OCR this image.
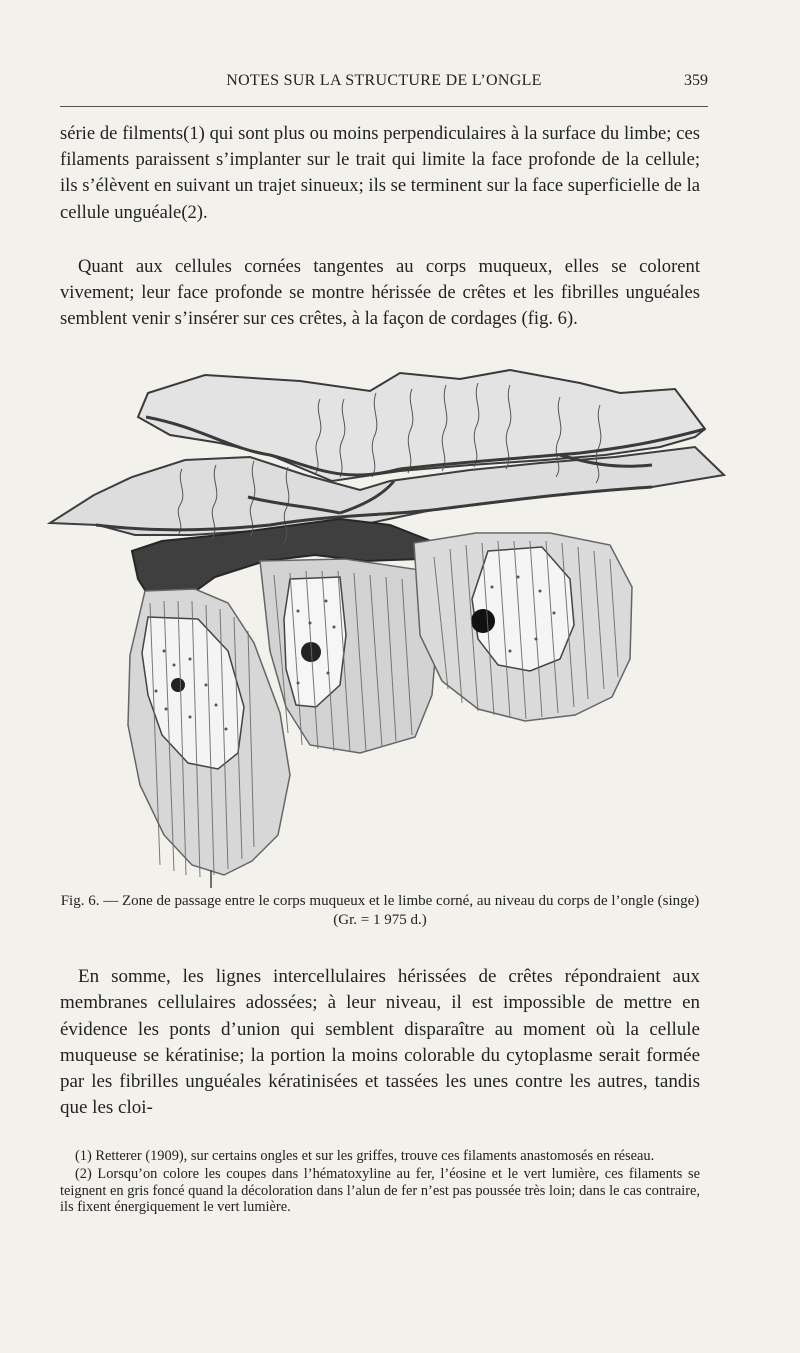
NOTES SUR LA STRUCTURE DE L’ONGLE	359

série de filments(1) qui sont plus ou moins perpendiculaires à la surface du limbe; ces filaments paraissent s’implanter sur le trait qui limite la face profonde de la cellule; ils s’élèvent en suivant un trajet sinueux; ils se terminent sur la face superficielle de la cellule unguéale(2).

Quant aux cellules cornées tangentes au corps muqueux, elles se colorent vivement; leur face profonde se montre hérissée de crêtes et les fibrilles unguéales semblent venir s’insérer sur ces crêtes, à la façon de cordages (fig. 6).

Fig. 6. — Zone de passage entre le corps muqueux et le limbe corné, au niveau du corps de l’ongle (singe) (Gr. = 1 975 d.)

En somme, les lignes intercellulaires hérissées de crêtes répondraient aux membranes cellulaires adossées; à leur niveau, il est impossible de mettre en évidence les ponts d’union qui semblent disparaître au moment où la cellule muqueuse se kératinise; la portion la moins colorable du cytoplasme serait formée par les fibrilles unguéales kératinisées et tassées les unes contre les autres, tandis que les cloi-

(1) Retterer (1909), sur certains ongles et sur les griffes, trouve ces filaments anastomosés en réseau.

(2) Lorsqu’on colore les coupes dans l’hématoxyline au fer, l’éosine et le vert lumière, ces filaments se teignent en gris foncé quand la décoloration dans l’alun de fer n’est pas poussée très loin; dans le cas contraire, ils fixent énergiquement le vert lumière.
